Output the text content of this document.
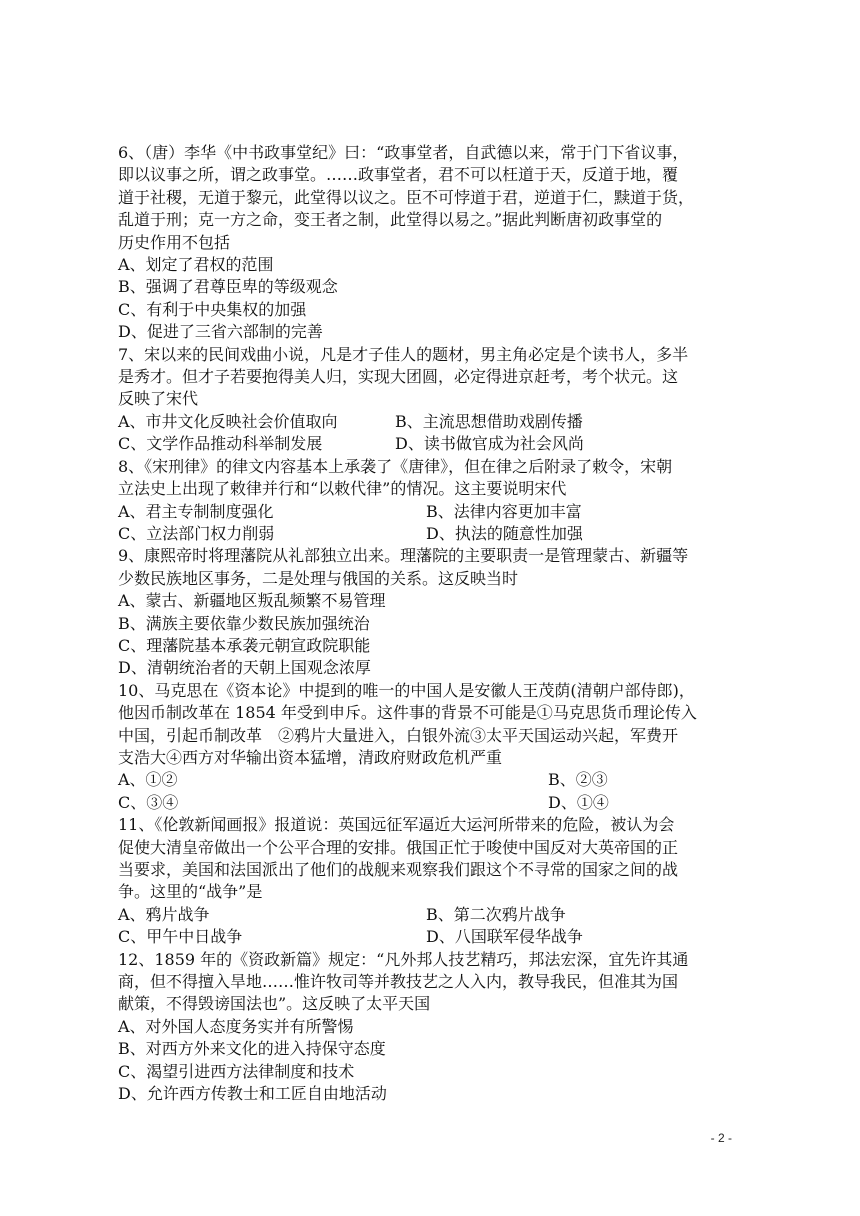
6、（唐）李华《中书政事堂纪》曰：“政事堂者，自武德以来，常于门下省议事，
即以议事之所，谓之政事堂。……政事堂者，君不可以枉道于天，反道于地，覆
道于社稷，无道于黎元，此堂得以议之。臣不可悖道于君，逆道于仁，黩道于货，
乱道于刑；克一方之命，变王者之制，此堂得以易之。”据此判断唐初政事堂的
历史作用不包括
A、划定了君权的范围
B、强调了君尊臣卑的等级观念
C、有利于中央集权的加强
D、促进了三省六部制的完善
7、宋以来的民间戏曲小说，凡是才子佳人的题材，男主角必定是个读书人，多半
是秀才。但才子若要抱得美人归，实现大团圆，必定得进京赶考，考个状元。这
反映了宋代
A、市井文化反映社会价值取向	B、主流思想借助戏剧传播
C、文学作品推动科举制发展	D、读书做官成为社会风尚
8、《宋刑律》的律文内容基本上承袭了《唐律》，但在律之后附录了敕令，宋朝
立法史上出现了敕律并行和“以敕代律”的情况。这主要说明宋代
A、君主专制制度强化	B、法律内容更加丰富
C、立法部门权力削弱	D、执法的随意性加强
9、康熙帝时将理藩院从礼部独立出来。理藩院的主要职责一是管理蒙古、新疆等
少数民族地区事务，二是处理与俄国的关系。这反映当时
A、蒙古、新疆地区叛乱频繁不易管理
B、满族主要依靠少数民族加强统治
C、理藩院基本承袭元朝宣政院职能
D、清朝统治者的天朝上国观念浓厚
10、马克思在《资本论》中提到的唯一的中国人是安徽人王茂荫(清朝户部侍郎)，
他因币制改革在 1854 年受到申斥。这件事的背景不可能是①马克思货币理论传入
中国，引起币制改革　②鸦片大量进入，白银外流③太平天国运动兴起，军费开
支浩大④西方对华输出资本猛增，清政府财政危机严重
A、①②	B、②③
C、③④	D、①④
11、《伦敦新闻画报》报道说：英国远征军逼近大运河所带来的危险，被认为会
促使大清皇帝做出一个公平合理的安排。俄国正忙于唆使中国反对大英帝国的正
当要求，美国和法国派出了他们的战舰来观察我们跟这个不寻常的国家之间的战
争。这里的“战争”是
A、鸦片战争	B、第二次鸦片战争
C、甲午中日战争	D、八国联军侵华战争
12、1859 年的《资政新篇》规定：“凡外邦人技艺精巧，邦法宏深，宜先许其通
商，但不得擅入旱地……惟许牧司等并教技艺之人入内，教导我民，但准其为国
献策，不得毁谤国法也”。这反映了太平天国
A、对外国人态度务实并有所警惕
B、对西方外来文化的进入持保守态度
C、渴望引进西方法律制度和技术
D、允许西方传教士和工匠自由地活动
- 2 -
